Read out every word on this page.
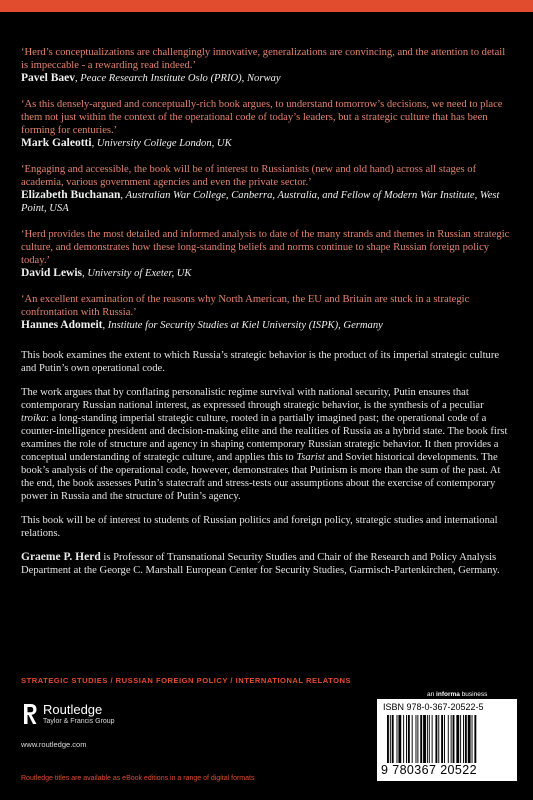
‘Herd’s conceptualizations are challengingly innovative, generalizations are convincing, and the attention to detail is impeccable - a rewarding read indeed.’

Pavel Baev, Peace Research Institute Oslo (PRIO), Norway

‘As this densely-argued and conceptually-rich book argues, to understand tomorrow’s decisions, we need to place them not just within the context of the operational code of today’s leaders, but a strategic culture that has been forming for centuries.’

Mark Galeotti, University College London, UK

‘Engaging and accessible, the book will be of interest to Russianists (new and old hand) across all stages of academia, various government agencies and even the private sector.’

Elizabeth Buchanan, Australian War College, Canberra, Australia, and Fellow of Modern War Institute, West Point, USA

‘Herd provides the most detailed and informed analysis to date of the many strands and themes in Russian strategic culture, and demonstrates how these long-standing beliefs and norms continue to shape Russian foreign policy today.’

David Lewis, University of Exeter, UK

‘An excellent examination of the reasons why North American, the EU and Britain are stuck in a strategic confrontation with Russia.’

Hannes Adomeit, Institute for Security Studies at Kiel University (ISPK), Germany

This book examines the extent to which Russia’s strategic behavior is the product of its imperial strategic culture and Putin’s own operational code.

The work argues that by conflating personalistic regime survival with national security, Putin ensures that contemporary Russian national interest, as expressed through strategic behavior, is the synthesis of a peculiar troika: a long-standing imperial strategic culture, rooted in a partially imagined past; the operational code of a counter-intelligence president and decision-making elite and the realities of Russia as a hybrid state. The book first examines the role of structure and agency in shaping contemporary Russian strategic behavior. It then provides a conceptual understanding of strategic culture, and applies this to Tsarist and Soviet historical developments. The book’s analysis of the operational code, however, demonstrates that Putinism is more than the sum of the past. At the end, the book assesses Putin’s statecraft and stress-tests our assumptions about the exercise of contemporary power in Russia and the structure of Putin’s agency.

This book will be of interest to students of Russian politics and foreign policy, strategic studies and international relations.

Graeme P. Herd is Professor of Transnational Security Studies and Chair of the Research and Policy Analysis Department at the George C. Marshall European Center for Security Studies, Garmisch-Partenkirchen, Germany.

STRATEGIC STUDIES / RUSSIAN FOREIGN POLICY / INTERNATIONAL RELATONS
an informa business
Routledge
Taylor & Francis Group
www.routledge.com
ISBN 978-0-367-20522-5
9 780367 20522
Routledge titles are available as eBook editions in a range of digital formats
